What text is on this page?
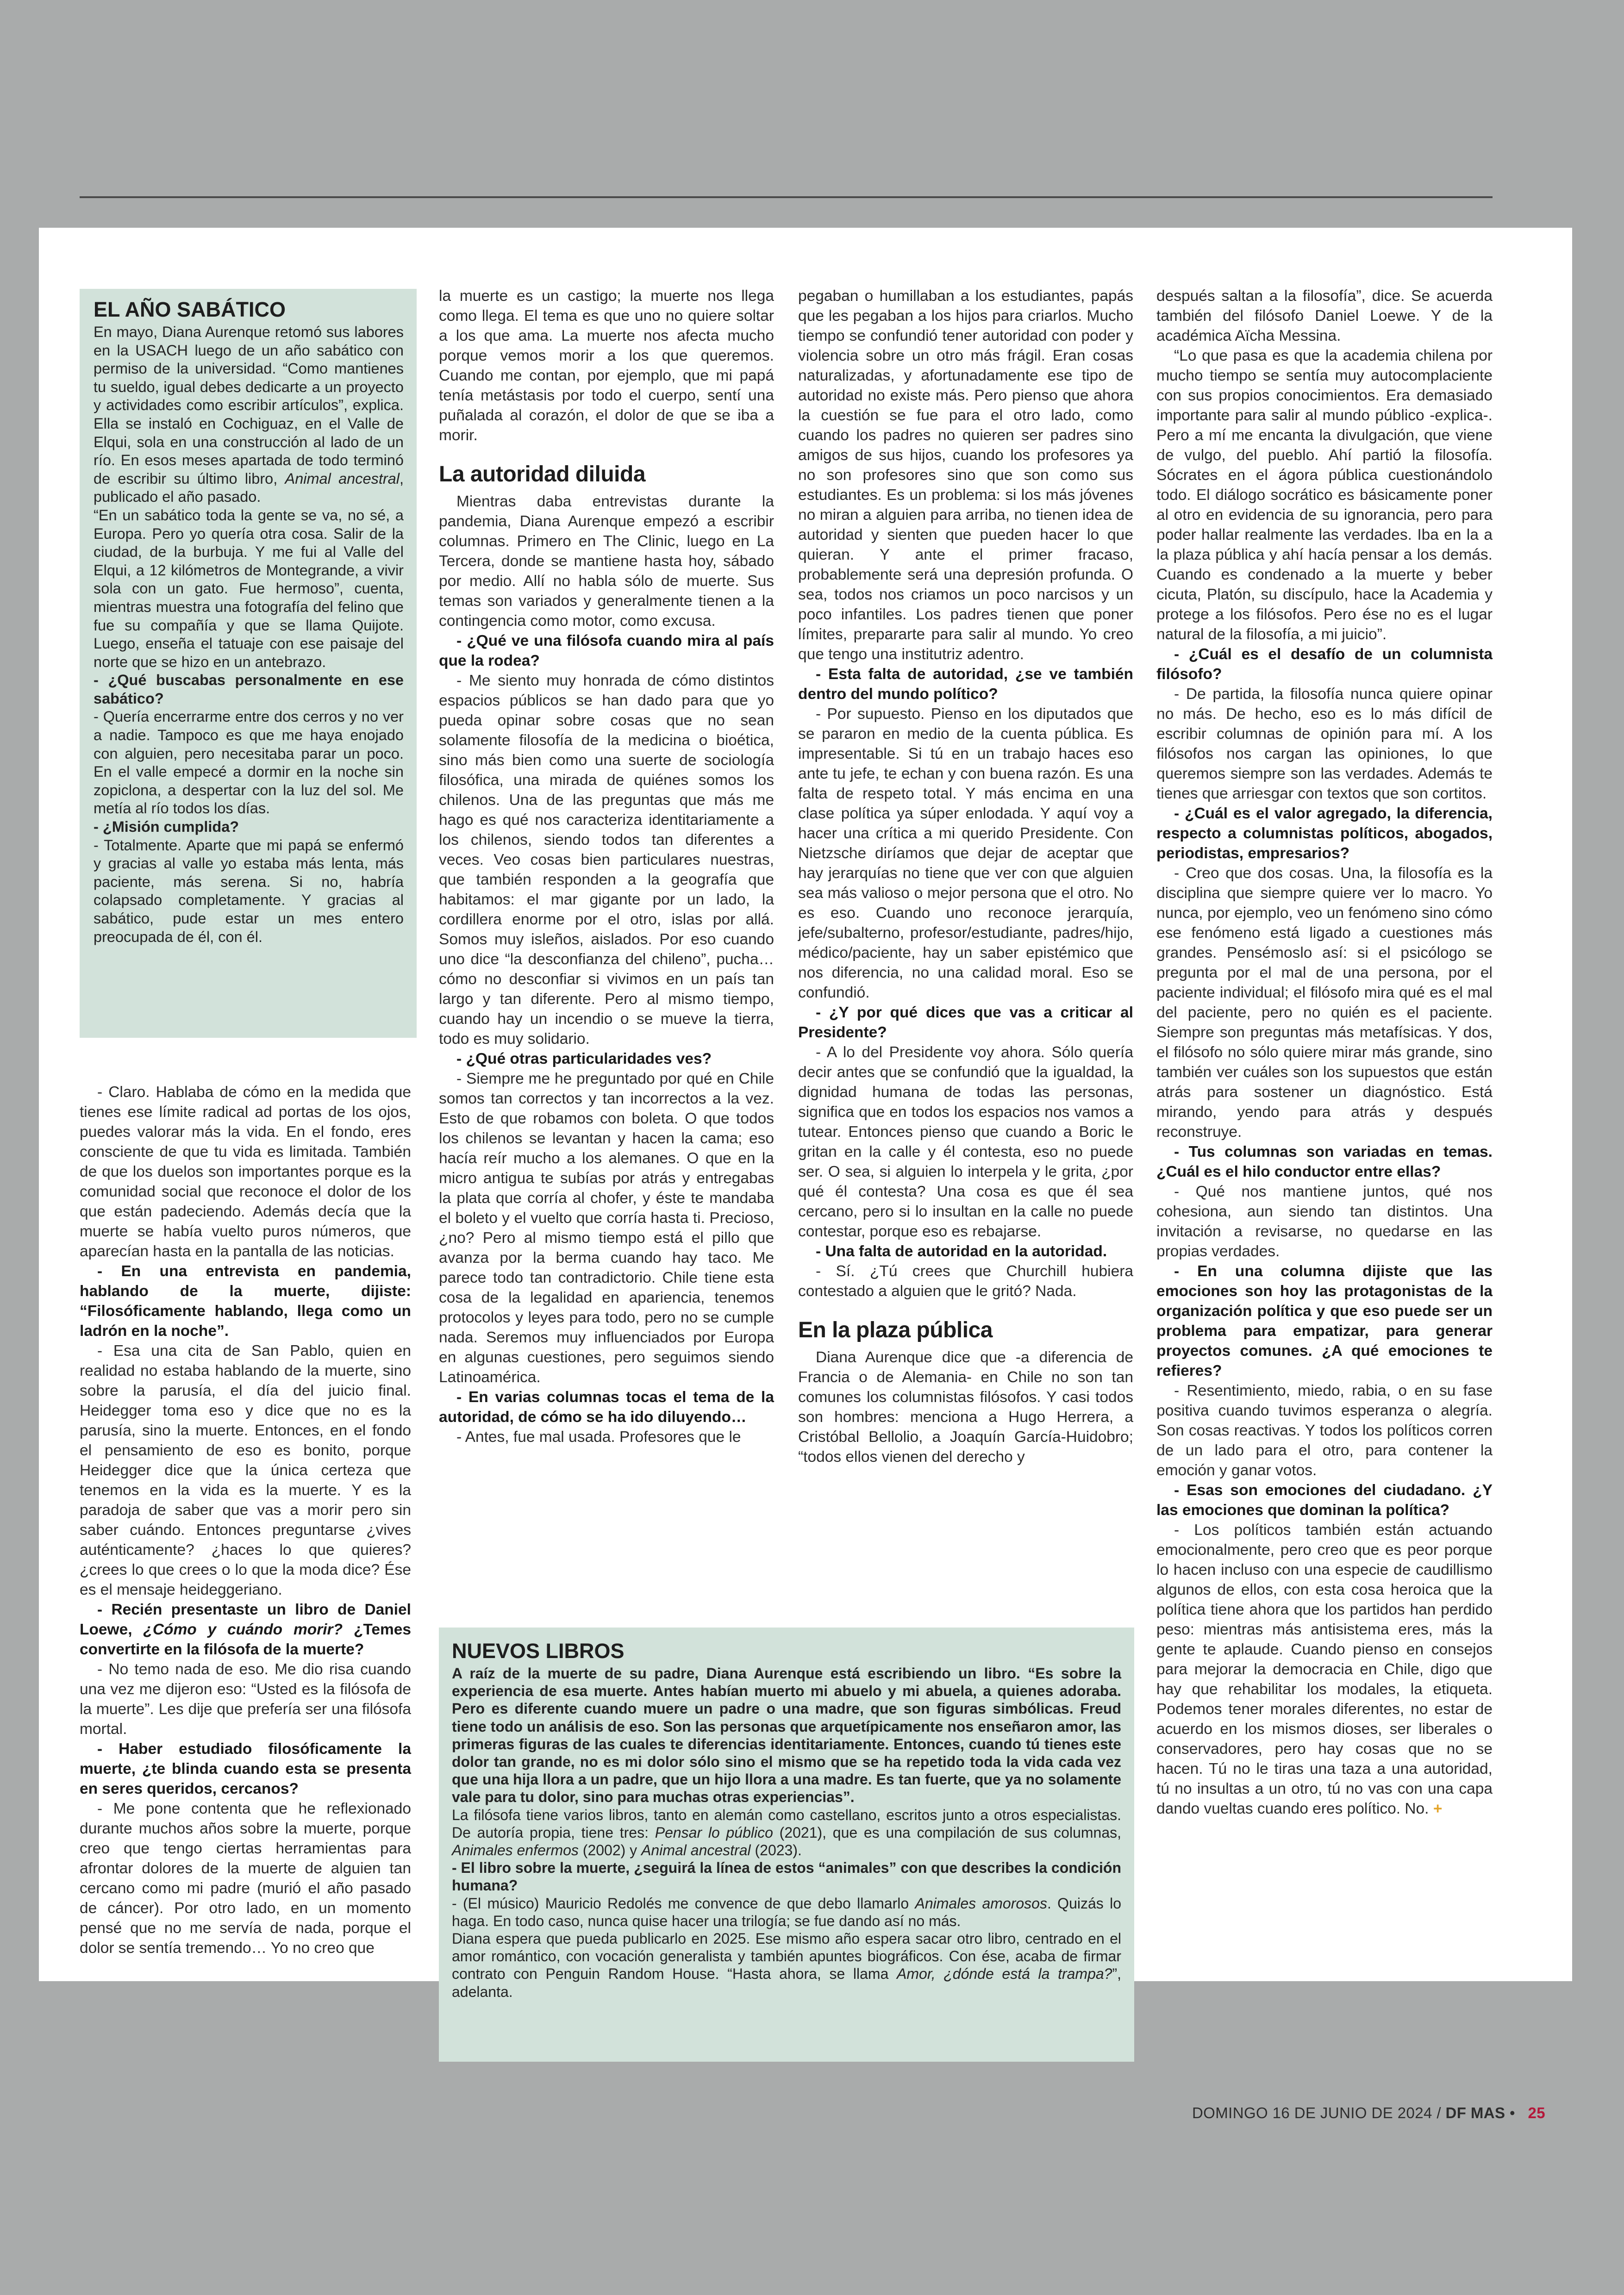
EL AÑO SABÁTICO

En mayo, Diana Aurenque retomó sus labores en la USACH luego de un año sabático con permiso de la universidad. “Como mantienes tu sueldo, igual debes dedicarte a un proyecto y actividades como escribir artículos”, explica. Ella se instaló en Cochiguaz, en el Valle de Elqui, sola en una construcción al lado de un río. En esos meses apartada de todo terminó de escribir su último libro, Animal ancestral, publicado el año pasado.

“En un sabático toda la gente se va, no sé, a Europa. Pero yo quería otra cosa. Salir de la ciudad, de la burbuja. Y me fui al Valle del Elqui, a 12 kilómetros de Montegrande, a vivir sola con un gato. Fue hermoso”, cuenta, mientras muestra una fotografía del felino que fue su compañía y que se llama Quijote. Luego, enseña el tatuaje con ese paisaje del norte que se hizo en un antebrazo.

- ¿Qué buscabas personalmente en ese sabático?

- Quería encerrarme entre dos cerros y no ver a nadie. Tampoco es que me haya enojado con alguien, pero necesitaba parar un poco. En el valle empecé a dormir en la noche sin zopiclona, a despertar con la luz del sol. Me metía al río todos los días.

- ¿Misión cumplida?

- Totalmente. Aparte que mi papá se enfermó y gracias al valle yo estaba más lenta, más paciente, más serena. Si no, habría colapsado completamente. Y gracias al sabático, pude estar un mes entero preocupada de él, con él.

- Claro. Hablaba de cómo en la medida que tienes ese límite radical ad portas de los ojos, puedes valorar más la vida. En el fondo, eres consciente de que tu vida es limitada. También de que los duelos son importantes porque es la comunidad social que reconoce el dolor de los que están padeciendo. Además decía que la muerte se había vuelto puros números, que aparecían hasta en la pantalla de las noticias.

- En una entrevista en pandemia, hablando de la muerte, dijiste: “Filosóficamente hablando, llega como un ladrón en la noche”.

- Esa una cita de San Pablo, quien en realidad no estaba hablando de la muerte, sino sobre la parusía, el día del juicio final. Heidegger toma eso y dice que no es la parusía, sino la muerte. Entonces, en el fondo el pensamiento de eso es bonito, porque Heidegger dice que la única certeza que tenemos en la vida es la muerte. Y es la paradoja de saber que vas a morir pero sin saber cuándo. Entonces preguntarse ¿vives auténticamente? ¿haces lo que quieres? ¿crees lo que crees o lo que la moda dice? Ése es el mensaje heideggeriano.

- Recién presentaste un libro de Daniel Loewe, ¿Cómo y cuándo morir? ¿Temes convertirte en la filósofa de la muerte?

- No temo nada de eso. Me dio risa cuando una vez me dijeron eso: “Usted es la filósofa de la muerte”. Les dije que prefería ser una filósofa mortal.

- Haber estudiado filosóficamente la muerte, ¿te blinda cuando esta se presenta en seres queridos, cercanos?

- Me pone contenta que he reflexionado durante muchos años sobre la muerte, porque creo que tengo ciertas herramientas para afrontar dolores de la muerte de alguien tan cercano como mi padre (murió el año pasado de cáncer). Por otro lado, en un momento pensé que no me servía de nada, porque el dolor se sentía tremendo… Yo no creo que

la muerte es un castigo; la muerte nos llega como llega. El tema es que uno no quiere soltar a los que ama. La muerte nos afecta mucho porque vemos morir a los que queremos. Cuando me contan, por ejemplo, que mi papá tenía metástasis por todo el cuerpo, sentí una puñalada al corazón, el dolor de que se iba a morir.

La autoridad diluida

Mientras daba entrevistas durante la pandemia, Diana Aurenque empezó a escribir columnas. Primero en The Clinic, luego en La Tercera, donde se mantiene hasta hoy, sábado por medio. Allí no habla sólo de muerte. Sus temas son variados y generalmente tienen a la contingencia como motor, como excusa.

- ¿Qué ve una filósofa cuando mira al país que la rodea?

- Me siento muy honrada de cómo distintos espacios públicos se han dado para que yo pueda opinar sobre cosas que no sean solamente filosofía de la medicina o bioética, sino más bien como una suerte de sociología filosófica, una mirada de quiénes somos los chilenos. Una de las preguntas que más me hago es qué nos caracteriza identitariamente a los chilenos, siendo todos tan diferentes a veces. Veo cosas bien particulares nuestras, que también responden a la geografía que habitamos: el mar gigante por un lado, la cordillera enorme por el otro, islas por allá. Somos muy isleños, aislados. Por eso cuando uno dice “la desconfianza del chileno”, pucha… cómo no desconfiar si vivimos en un país tan largo y tan diferente. Pero al mismo tiempo, cuando hay un incendio o se mueve la tierra, todo es muy solidario.

- ¿Qué otras particularidades ves?

- Siempre me he preguntado por qué en Chile somos tan correctos y tan incorrectos a la vez. Esto de que robamos con boleta. O que todos los chilenos se levantan y hacen la cama; eso hacía reír mucho a los alemanes. O que en la micro antigua te subías por atrás y entregabas la plata que corría al chofer, y éste te mandaba el boleto y el vuelto que corría hasta ti. Precioso, ¿no? Pero al mismo tiempo está el pillo que avanza por la berma cuando hay taco. Me parece todo tan contradictorio. Chile tiene esta cosa de la legalidad en apariencia, tenemos protocolos y leyes para todo, pero no se cumple nada. Seremos muy influenciados por Europa en algunas cuestiones, pero seguimos siendo Latinoamérica.

- En varias columnas tocas el tema de la autoridad, de cómo se ha ido diluyendo…

- Antes, fue mal usada. Profesores que le

pegaban o humillaban a los estudiantes, papás que les pegaban a los hijos para criarlos. Mucho tiempo se confundió tener autoridad con poder y violencia sobre un otro más frágil. Eran cosas naturalizadas, y afortunadamente ese tipo de autoridad no existe más. Pero pienso que ahora la cuestión se fue para el otro lado, como cuando los padres no quieren ser padres sino amigos de sus hijos, cuando los profesores ya no son profesores sino que son como sus estudiantes. Es un problema: si los más jóvenes no miran a alguien para arriba, no tienen idea de autoridad y sienten que pueden hacer lo que quieran. Y ante el primer fracaso, probablemente será una depresión profunda. O sea, todos nos criamos un poco narcisos y un poco infantiles. Los padres tienen que poner límites, prepararte para salir al mundo. Yo creo que tengo una institutriz adentro.

- Esta falta de autoridad, ¿se ve también dentro del mundo político?

- Por supuesto. Pienso en los diputados que se pararon en medio de la cuenta pública. Es impresentable. Si tú en un trabajo haces eso ante tu jefe, te echan y con buena razón. Es una falta de respeto total. Y más encima en una clase política ya súper enlodada. Y aquí voy a hacer una crítica a mi querido Presidente. Con Nietzsche diríamos que dejar de aceptar que hay jerarquías no tiene que ver con que alguien sea más valioso o mejor persona que el otro. No es eso. Cuando uno reconoce jerarquía, jefe/subalterno, profesor/estudiante, padres/hijo, médico/paciente, hay un saber epistémico que nos diferencia, no una calidad moral. Eso se confundió.

- ¿Y por qué dices que vas a criticar al Presidente?

- A lo del Presidente voy ahora. Sólo quería decir antes que se confundió que la igualdad, la dignidad humana de todas las personas, significa que en todos los espacios nos vamos a tutear. Entonces pienso que cuando a Boric le gritan en la calle y él contesta, eso no puede ser. O sea, si alguien lo interpela y le grita, ¿por qué él contesta? Una cosa es que él sea cercano, pero si lo insultan en la calle no puede contestar, porque eso es rebajarse.

- Una falta de autoridad en la autoridad.

- Sí. ¿Tú crees que Churchill hubiera contestado a alguien que le gritó? Nada.

En la plaza pública

Diana Aurenque dice que -a diferencia de Francia o de Alemania- en Chile no son tan comunes los columnistas filósofos. Y casi todos son hombres: menciona a Hugo Herrera, a Cristóbal Bellolio, a Joaquín García-Huidobro; “todos ellos vienen del derecho y

después saltan a la filosofía”, dice. Se acuerda también del filósofo Daniel Loewe. Y de la académica Aïcha Messina.

“Lo que pasa es que la academia chilena por mucho tiempo se sentía muy autocomplaciente con sus propios conocimientos. Era demasiado importante para salir al mundo público -explica-. Pero a mí me encanta la divulgación, que viene de vulgo, del pueblo. Ahí partió la filosofía. Sócrates en el ágora pública cuestionándolo todo. El diálogo socrático es básicamente poner al otro en evidencia de su ignorancia, pero para poder hallar realmente las verdades. Iba en la a la plaza pública y ahí hacía pensar a los demás. Cuando es condenado a la muerte y beber cicuta, Platón, su discípulo, hace la Academia y protege a los filósofos. Pero ése no es el lugar natural de la filosofía, a mi juicio”.

- ¿Cuál es el desafío de un columnista filósofo?

- De partida, la filosofía nunca quiere opinar no más. De hecho, eso es lo más difícil de escribir columnas de opinión para mí. A los filósofos nos cargan las opiniones, lo que queremos siempre son las verdades. Además te tienes que arriesgar con textos que son cortitos.

- ¿Cuál es el valor agregado, la diferencia, respecto a columnistas políticos, abogados, periodistas, empresarios?

- Creo que dos cosas. Una, la filosofía es la disciplina que siempre quiere ver lo macro. Yo nunca, por ejemplo, veo un fenómeno sino cómo ese fenómeno está ligado a cuestiones más grandes. Pensémoslo así: si el psicólogo se pregunta por el mal de una persona, por el paciente individual; el filósofo mira qué es el mal del paciente, pero no quién es el paciente. Siempre son preguntas más metafísicas. Y dos, el filósofo no sólo quiere mirar más grande, sino también ver cuáles son los supuestos que están atrás para sostener un diagnóstico. Está mirando, yendo para atrás y después reconstruye.

- Tus columnas son variadas en temas. ¿Cuál es el hilo conductor entre ellas?

- Qué nos mantiene juntos, qué nos cohesiona, aun siendo tan distintos. Una invitación a revisarse, no quedarse en las propias verdades.

- En una columna dijiste que las emociones son hoy las protagonistas de la organización política y que eso puede ser un problema para empatizar, para generar proyectos comunes. ¿A qué emociones te refieres?

- Resentimiento, miedo, rabia, o en su fase positiva cuando tuvimos esperanza o alegría. Son cosas reactivas. Y todos los políticos corren de un lado para el otro, para contener la emoción y ganar votos.

- Esas son emociones del ciudadano. ¿Y las emociones que dominan la política?

- Los políticos también están actuando emocionalmente, pero creo que es peor porque lo hacen incluso con una especie de caudillismo algunos de ellos, con esta cosa heroica que la política tiene ahora que los partidos han perdido peso: mientras más antisistema eres, más la gente te aplaude. Cuando pienso en consejos para mejorar la democracia en Chile, digo que hay que rehabilitar los modales, la etiqueta. Podemos tener morales diferentes, no estar de acuerdo en los mismos dioses, ser liberales o conservadores, pero hay cosas que no se hacen. Tú no le tiras una taza a una autoridad, tú no insultas a un otro, tú no vas con una capa dando vueltas cuando eres político. No. +

NUEVOS LIBROS

A raíz de la muerte de su padre, Diana Aurenque está escribiendo un libro. “Es sobre la experiencia de esa muerte. Antes habían muerto mi abuelo y mi abuela, a quienes adoraba. Pero es diferente cuando muere un padre o una madre, que son figuras simbólicas. Freud tiene todo un análisis de eso. Son las personas que arquetípicamente nos enseñaron amor, las primeras figuras de las cuales te diferencias identitariamente. Entonces, cuando tú tienes este dolor tan grande, no es mi dolor sólo sino el mismo que se ha repetido toda la vida cada vez que una hija llora a un padre, que un hijo llora a una madre. Es tan fuerte, que ya no solamente vale para tu dolor, sino para muchas otras experiencias”.

La filósofa tiene varios libros, tanto en alemán como castellano, escritos junto a otros especialistas. De autoría propia, tiene tres: Pensar lo público (2021), que es una compilación de sus columnas, Animales enfermos (2002) y Animal ancestral (2023).

- El libro sobre la muerte, ¿seguirá la línea de estos “animales” con que describes la condición humana?

- (El músico) Mauricio Redolés me convence de que debo llamarlo Animales amorosos. Quizás lo haga. En todo caso, nunca quise hacer una trilogía; se fue dando así no más.

Diana espera que pueda publicarlo en 2025. Ese mismo año espera sacar otro libro, centrado en el amor romántico, con vocación generalista y también apuntes biográficos. Con ése, acaba de firmar contrato con Penguin Random House. “Hasta ahora, se llama Amor, ¿dónde está la trampa?”, adelanta.

DOMINGO 16 DE JUNIO DE 2024 / DF MAS • 25
